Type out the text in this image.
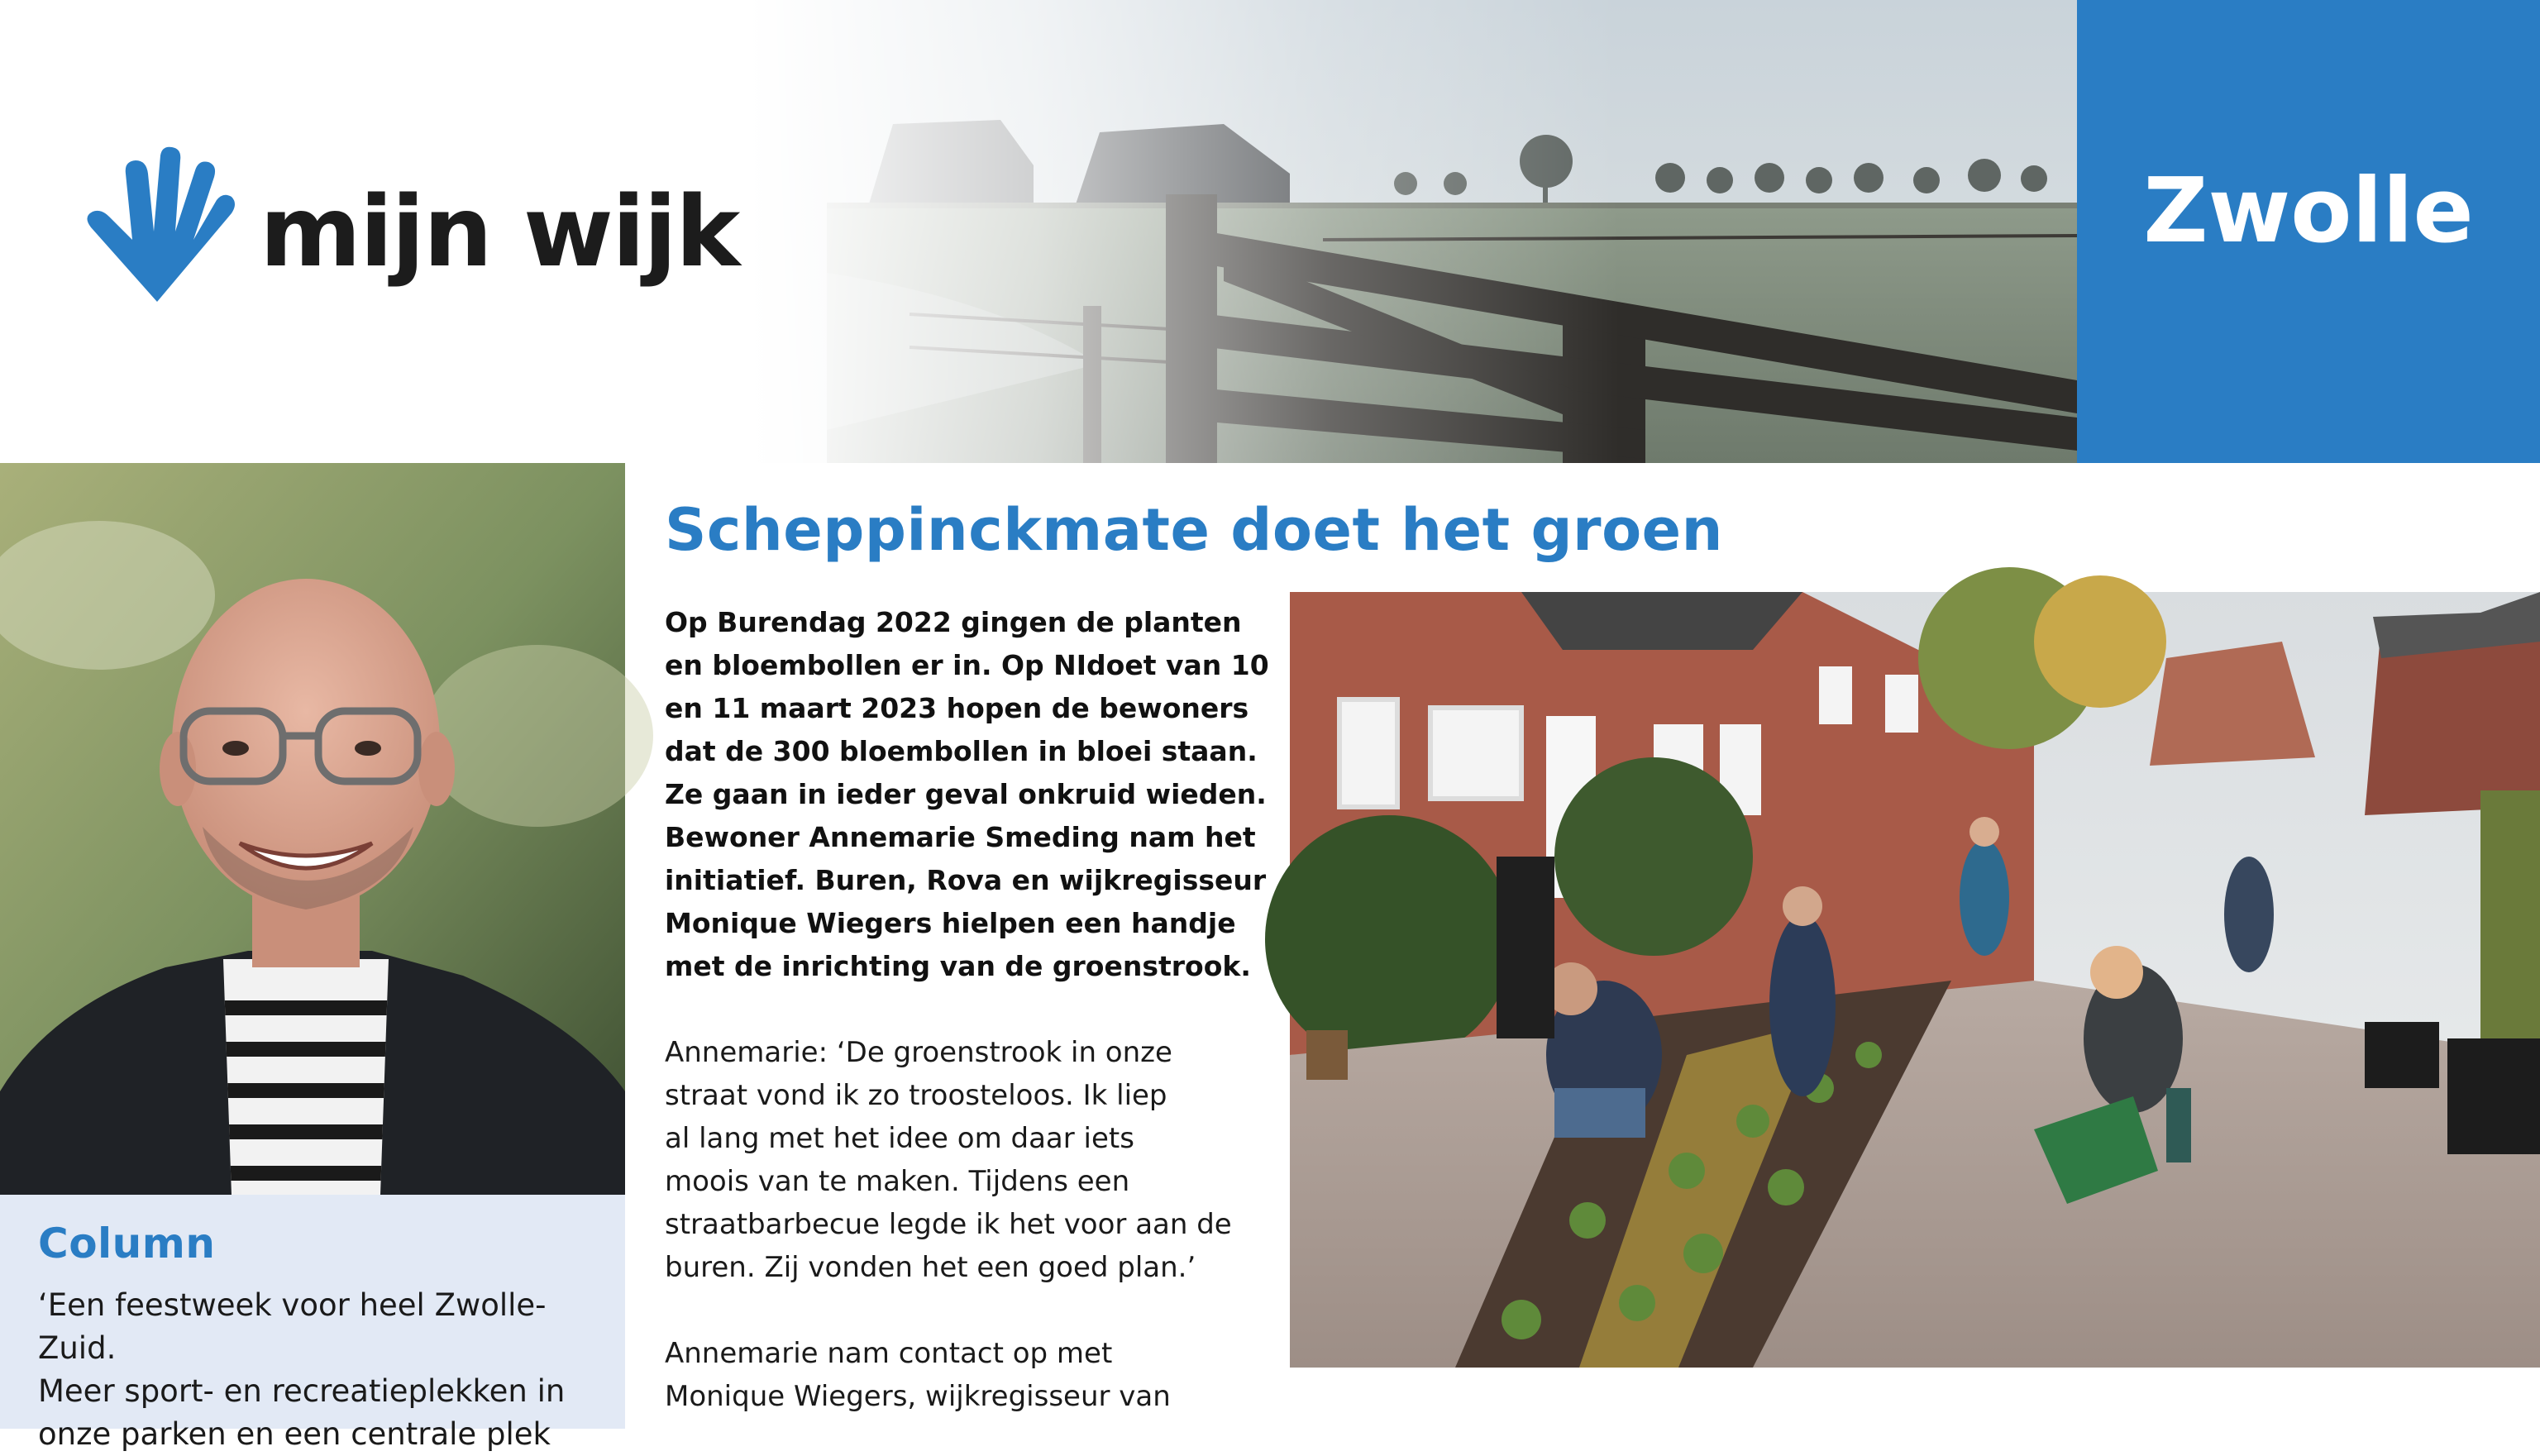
mijn wijk	Zwolle
Column
‘Een feestweek voor heel Zwolle-Zuid.
Meer sport- en recreatieplekken in
onze parken en een centrale plek
Scheppinckmate doet het groen
Op Burendag 2022 gingen de planten
en bloembollen er in. Op NIdoet van 10
en 11 maart 2023 hopen de bewoners
dat de 300 bloembollen in bloei staan.
Ze gaan in ieder geval onkruid wieden.
Bewoner Annemarie Smeding nam het
initiatief. Buren, Rova en wijkregisseur
Monique Wiegers hielpen een handje
met de inrichting van de groenstrook.
Annemarie: ‘De groenstrook in onze
straat vond ik zo troosteloos. Ik liep
al lang met het idee om daar iets
moois van te maken. Tijdens een
straatbarbecue legde ik het voor aan de
buren. Zij vonden het een goed plan.’
Annemarie nam contact op met
Monique Wiegers, wijkregisseur van
